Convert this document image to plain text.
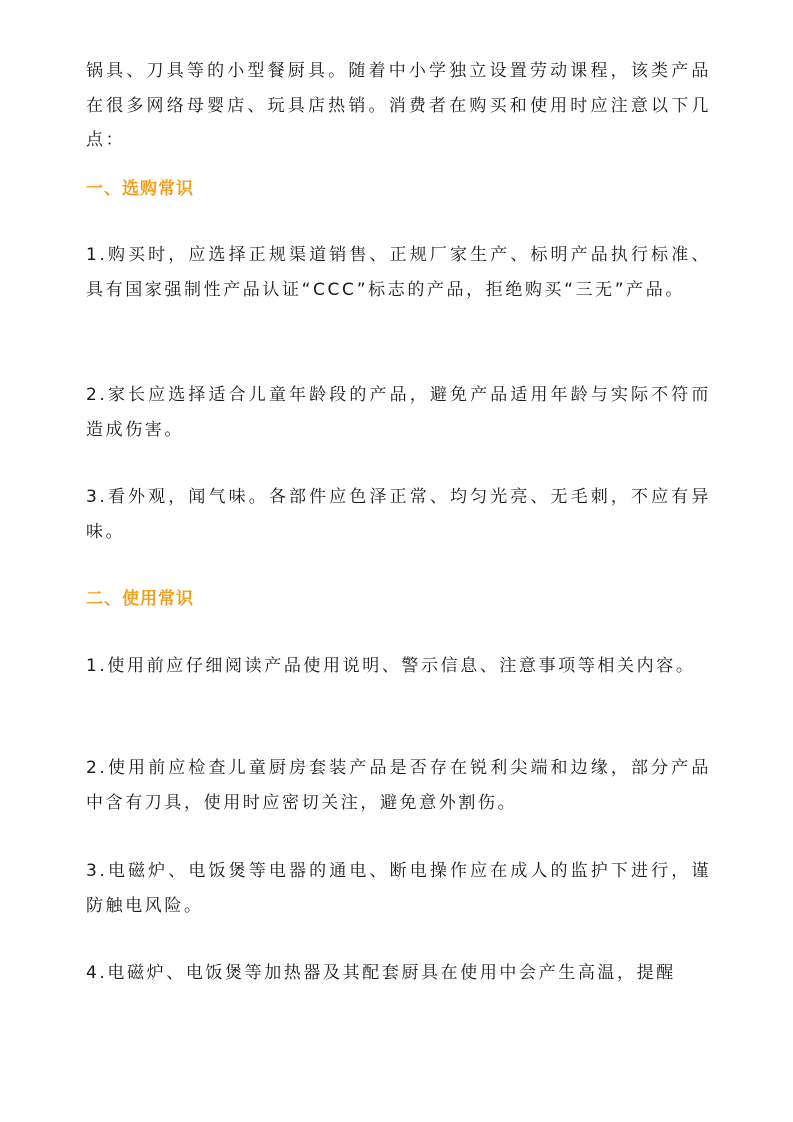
锅具、刀具等的小型餐厨具。随着中小学独立设置劳动课程，该类产品在很多网络母婴店、玩具店热销。消费者在购买和使用时应注意以下几点：

一、选购常识

1.购买时，应选择正规渠道销售、正规厂家生产、标明产品执行标准、具有国家强制性产品认证“CCC”标志的产品，拒绝购买“三无”产品。

2.家长应选择适合儿童年龄段的产品，避免产品适用年龄与实际不符而造成伤害。

3.看外观，闻气味。各部件应色泽正常、均匀光亮、无毛刺，不应有异味。

二、使用常识

1.使用前应仔细阅读产品使用说明、警示信息、注意事项等相关内容。

2.使用前应检查儿童厨房套装产品是否存在锐利尖端和边缘，部分产品中含有刀具，使用时应密切关注，避免意外割伤。

3.电磁炉、电饭煲等电器的通电、断电操作应在成人的监护下进行，谨防触电风险。

4.电磁炉、电饭煲等加热器及其配套厨具在使用中会产生高温，提醒
